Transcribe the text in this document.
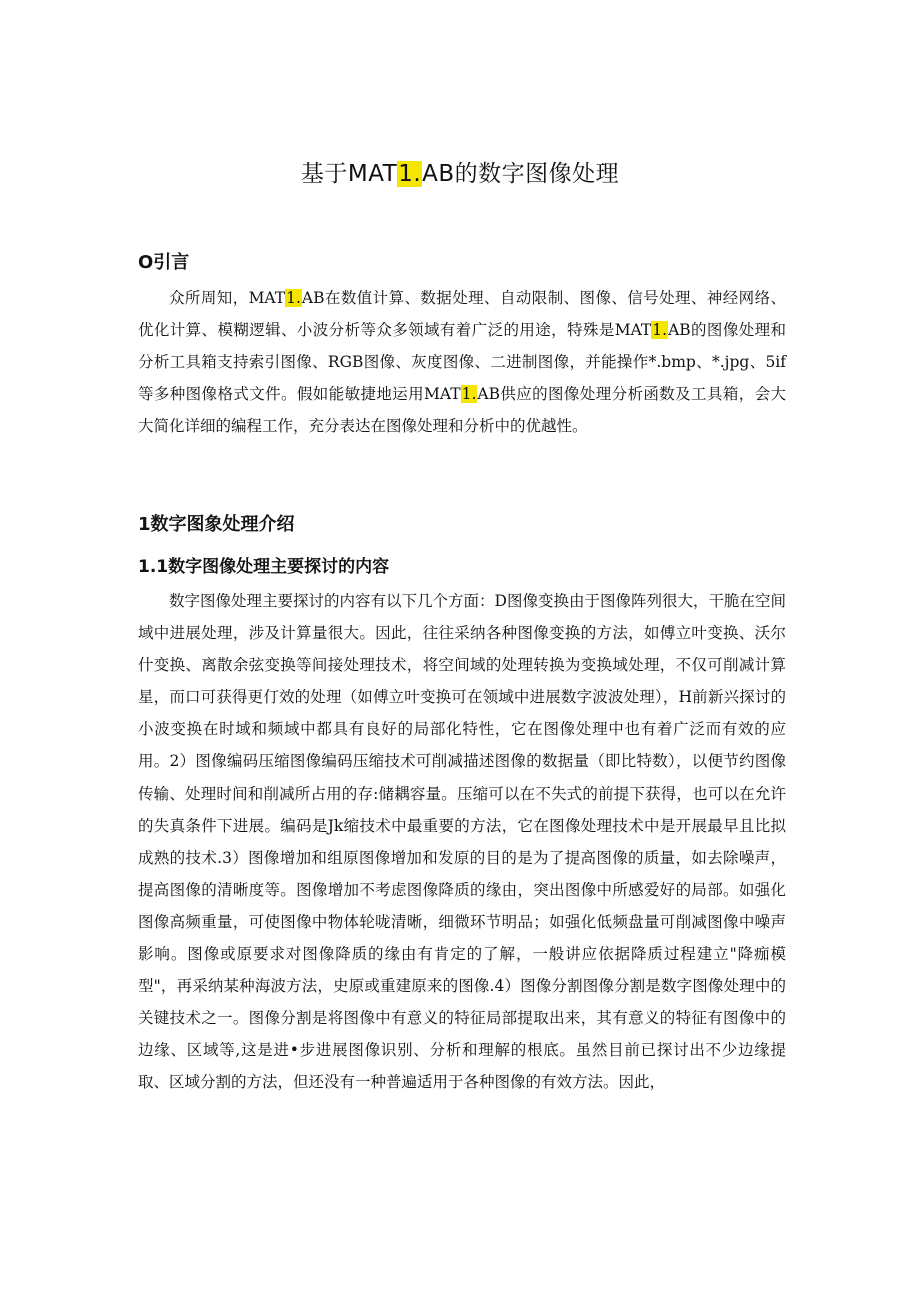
基于MAT1.AB的数字图像处理
O引言

众所周知，MAT1.AB在数值计算、数据处理、自动限制、图像、信号处理、神经网络、优化计算、模糊逻辑、小波分析等众多领域有着广泛的用途，特殊是MAT1.AB的图像处理和分析工具箱支持索引图像、RGB图像、灰度图像、二进制图像，并能操作*.bmp、*.jpg、5if等多种图像格式文件。假如能敏捷地运用MAT1.AB供应的图像处理分析函数及工具箱，会大大简化详细的编程工作，充分表达在图像处理和分析中的优越性。

1数字图象处理介绍
1.1数字图像处理主要探讨的内容

数字图像处理主要探讨的内容有以下几个方面：D图像变换由于图像阵列很大，干脆在空间域中进展处理，涉及计算量很大。因此，往往采纳各种图像变换的方法，如傅立叶变换、沃尔什变换、离散余弦变换等间接处理技术，将空间域的处理转换为变换域处理，不仅可削减计算星，而口可获得更仃效的处理（如傅立叶变换可在领域中进展数字波波处理），H前新兴探讨的小波变换在时域和频域中都具有良好的局部化特性，它在图像处理中也有着广泛而有效的应用。2）图像编码压缩图像编码压缩技术可削减描述图像的数据量（即比特数），以便节约图像传输、处理时间和削减所占用的存:储耦容量。压缩可以在不失式的前提下获得，也可以在允许的失真条件下进展。编码是Jk缩技术中最重要的方法，它在图像处理技术中是开展最早且比拟成熟的技术.3）图像增加和组原图像增加和发原的目的是为了提高图像的质量，如去除噪声，提高图像的清晰度等。图像增加不考虑图像降质的缘由，突出图像中所感爱好的局部。如强化图像高频重量，可使图像中物体轮咙清晰，细微环节明品；如强化低频盘量可削减图像中噪声影响。图像或原要求对图像降质的缘由有肯定的了解，一般讲应依据降质过程建立"降痂模型"，再采纳某种海波方法，史原或重建原来的图像.4）图像分割图像分割是数字图像处理中的关键技术之一。图像分割是将图像中有意义的特征局部提取出来，其有意义的特征有图像中的边缘、区域等,这是进•步进展图像识别、分析和理解的根底。虽然目前已探讨出不少边缘提取、区域分割的方法，但还没有一种普遍适用于各种图像的有效方法。因此，
